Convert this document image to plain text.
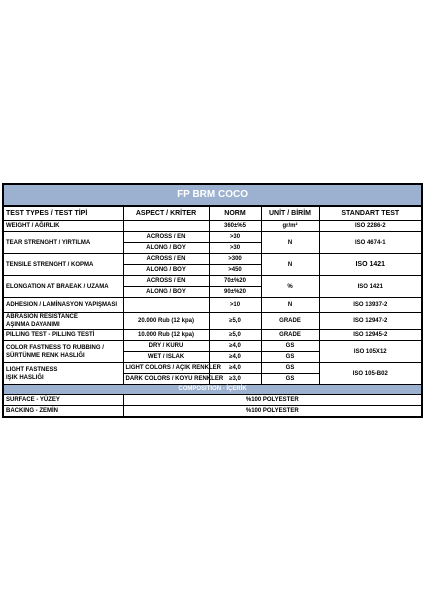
FP BRM COCO				
TEST TYPES / TEST TİPİ	ASPECT / KRİTER	NORM	UNİT / BİRİM	STANDART TEST
WEIGHT / AĞIRLIK		360±%5	gr/m²	ISO 2286-2
TEAR STRENGHT / YIRTILMA	ACROSS / EN	>30	N	ISO 4674-1
	ALONG / BOY	>30		
TENSILE STRENGHT / KOPMA	ACROSS / EN	>300	N	ISO 1421
	ALONG / BOY	>450		
ELONGATION AT BRAEAK / UZAMA	ACROSS / EN	70±%20	%	ISO 1421
	ALONG / BOY	90±%20		
ADHESION / LAMİNASYON YAPIŞMASI		>10	N	ISO 13937-2

ABRASION RESISTANCE
AŞINMA DAYANIMI	20.000 Rub (12 kpa)	≥5,0	GRADE	ISO 12947-2
PILLING TEST - PILLING TESTİ	10.000 Rub (12 kpa)	≥5,0	GRADE	ISO 12945-2

COLOR FASTNESS TO RUBBING /
SÜRTÜNME RENK HASLIĞI	DRY / KURU	≥4,0	GS	ISO 105X12
	WET / ISLAK	≥4,0	GS	

LIGHT FASTNESS
IŞIK HASLIĞI	LIGHT COLORS / AÇIK RENKLER	≥4,0	GS	ISO 105-B02
	DARK COLORS / KOYU RENKLER	≥3,0	GS	
COMPOSITION - İÇERİK				
SURFACE - YÜZEY	%100 POLYESTER			
BACKING - ZEMİN	%100 POLYESTER			
